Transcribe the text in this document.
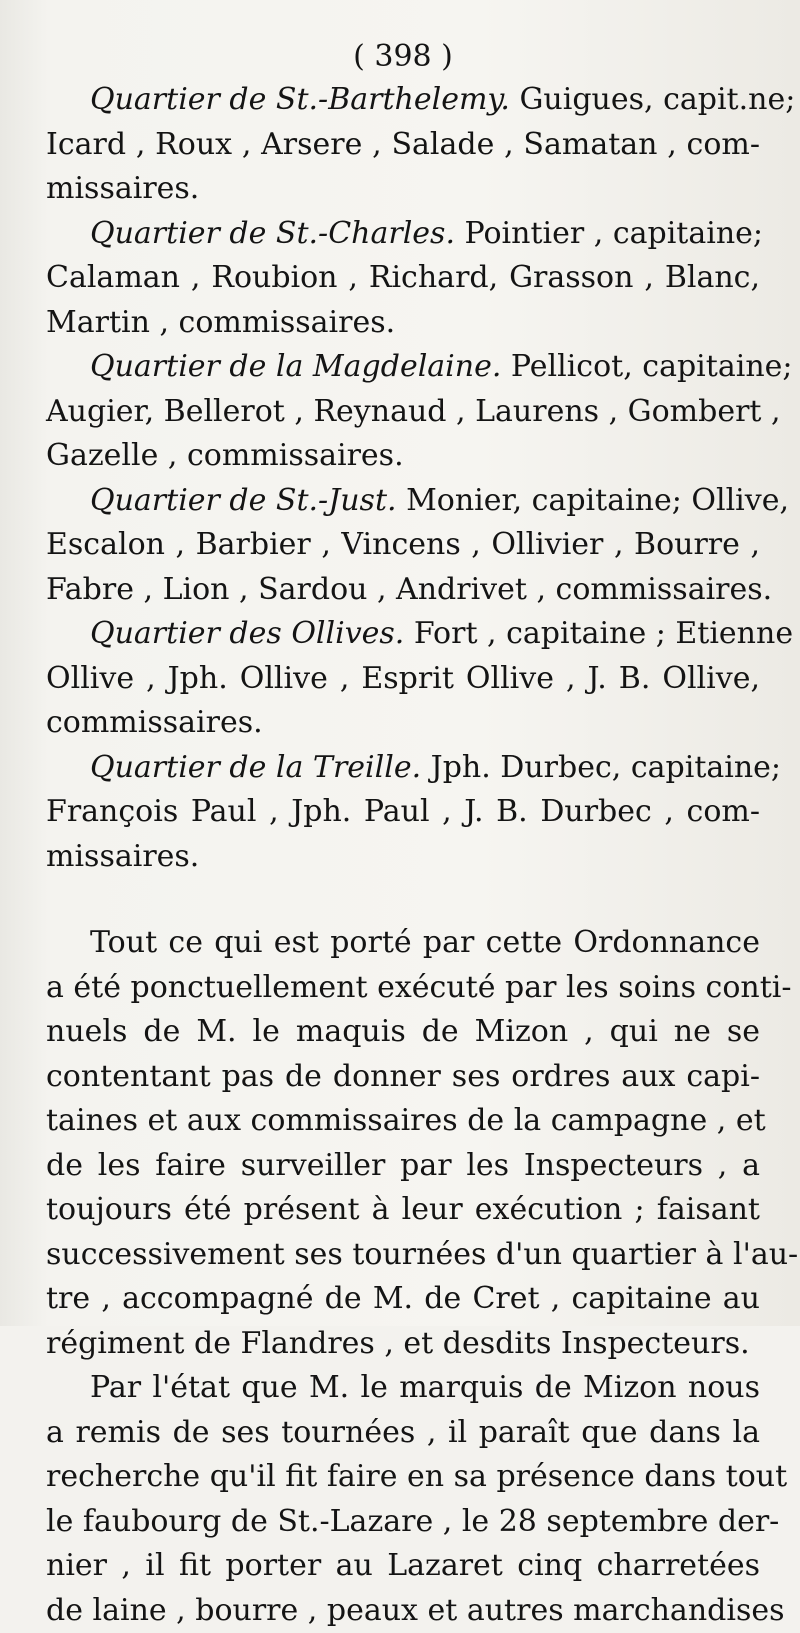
( 398 )
Quartier de St.-Barthelemy. Guigues, capit.ne;
Icard , Roux , Arsere , Salade , Samatan , com-
missaires.
Quartier de St.-Charles. Pointier , capitaine;
Calaman , Roubion , Richard, Grasson , Blanc,
Martin , commissaires.
Quartier de la Magdelaine. Pellicot, capitaine;
Augier, Bellerot , Reynaud , Laurens , Gombert ,
Gazelle , commissaires.
Quartier de St.-Just. Monier, capitaine; Ollive,
Escalon , Barbier , Vincens , Ollivier , Bourre ,
Fabre , Lion , Sardou , Andrivet , commissaires.
Quartier des Ollives. Fort , capitaine ; Etienne
Ollive , Jph. Ollive , Esprit Ollive , J. B. Ollive,
commissaires.
Quartier de la Treille. Jph. Durbec, capitaine;
François Paul , Jph. Paul , J. B. Durbec , com-
missaires.
Tout ce qui est porté par cette Ordonnance
a été ponctuellement exécuté par les soins conti-
nuels de M. le maquis de Mizon , qui ne se
contentant pas de donner ses ordres aux capi-
taines et aux commissaires de la campagne , et
de les faire surveiller par les Inspecteurs , a
toujours été présent à leur exécution ; faisant
successivement ses tournées d'un quartier à l'au-
tre , accompagné de M. de Cret , capitaine au
régiment de Flandres , et desdits Inspecteurs.
Par l'état que M. le marquis de Mizon nous
a remis de ses tournées , il paraît que dans la
recherche qu'il fit faire en sa présence dans tout
le faubourg de St.-Lazare , le 28 septembre der-
nier , il fit porter au Lazaret cinq charretées
de laine , bourre , peaux et autres marchandises
